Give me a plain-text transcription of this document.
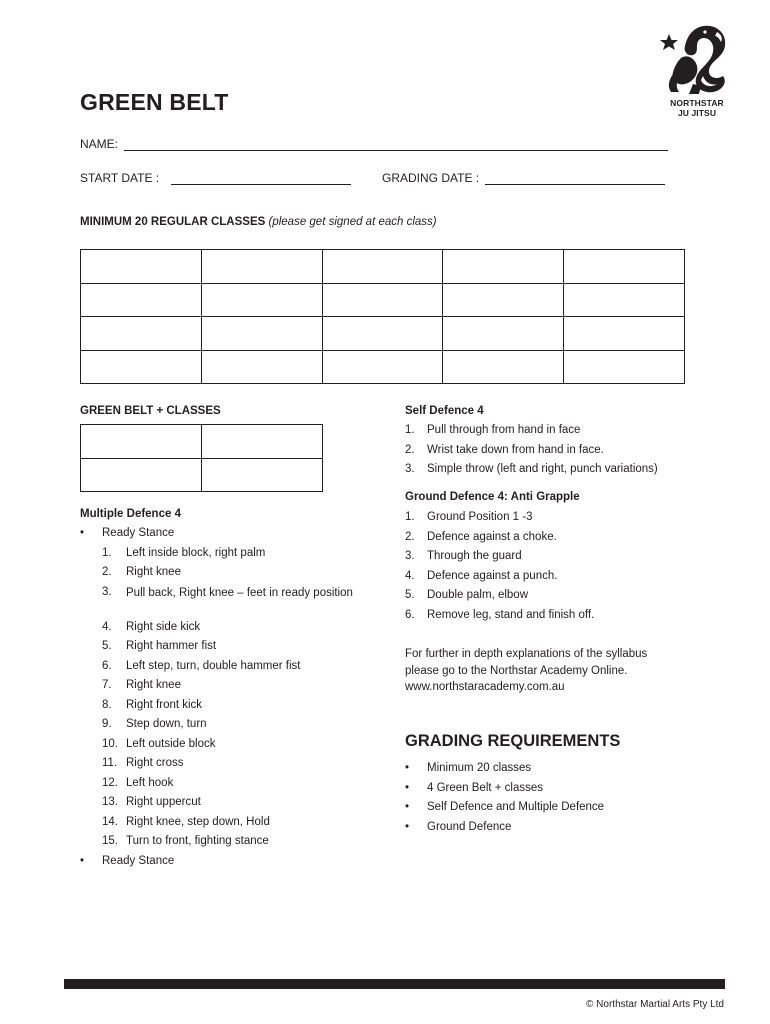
NORTHSTAR
JU JITSU
GREEN BELT
NAME:
START DATE :	GRADING DATE :
MINIMUM 20 REGULAR CLASSES (please get signed at each class)

GREEN BELT + CLASSES

Multiple Defence 4
•	Ready Stance
1.	Left inside block, right palm
2.	Right knee
3.	Pull back, Right knee – feet in ready position
4.	Right side kick
5.	Right hammer fist
6.	Left step, turn, double hammer fist
7.	Right knee
8.	Right front kick
9.	Step down, turn
10. Left outside block
11. Right cross
12. Left hook
13. Right uppercut
14. Right knee, step down, Hold
15. Turn to front, fighting stance
•	Ready Stance
Self Defence 4
1.	Pull through from hand in face
2.	Wrist take down from hand in face.
3.	Simple throw (left and right, punch variations)
Ground Defence 4: Anti Grapple
1.	Ground Position 1 -3
2.	Defence against a choke.
3.	Through the guard
4.	Defence against a punch.
5.	Double palm, elbow
6.	Remove leg, stand and finish off.
For further in depth explanations of the syllabus
please go to the Northstar Academy Online.
www.northstaracademy.com.au
GRADING REQUIREMENTS
•	Minimum 20 classes
•	4 Green Belt + classes
•	Self Defence and Multiple Defence
•	Ground Defence
© Northstar Martial Arts Pty Ltd
